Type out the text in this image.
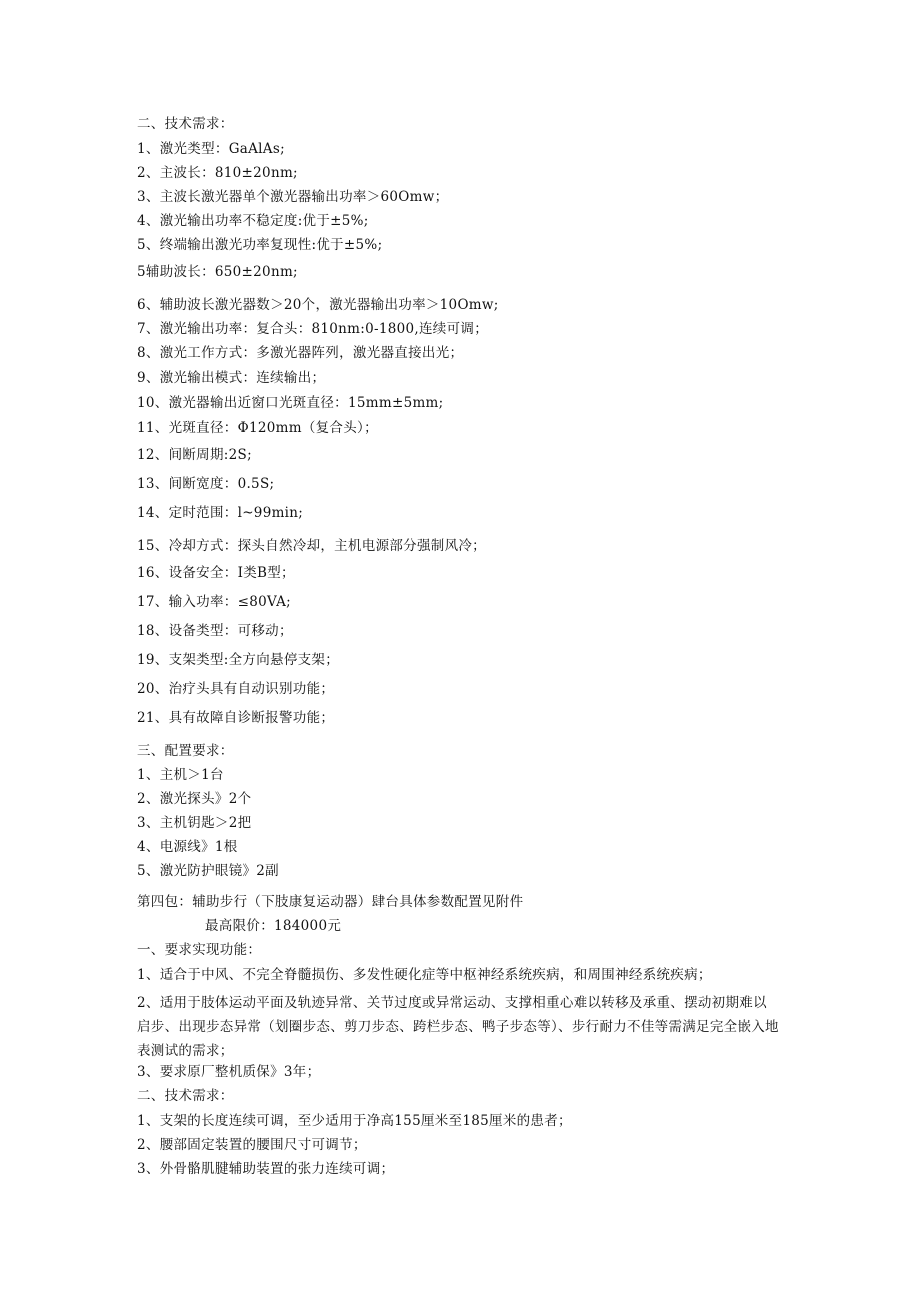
二、技术需求：
1、激光类型：GaAlAs;
2、主波长：810±20nm;
3、主波长激光器单个激光器输出功率＞60Omw；
4、激光输出功率不稳定度:优于±5%;
5、终端输出激光功率复现性:优于±5%;
5辅助波长：650±20nm;
6、辅助波长激光器数＞20个，激光器输出功率＞10Omw;
7、激光输出功率：复合头：810nm:0-1800,连续可调；
8、激光工作方式：多激光器阵列，激光器直接出光；
9、激光输出模式：连续输出；
10、激光器输出近窗口光斑直径：15mm±5mm;
11、光斑直径：Φ120mm（复合头）；
12、间断周期:2S;
13、间断宽度：0.5S;
14、定时范围：l~99min;
15、冷却方式：探头自然冷却，主机电源部分强制风冷；
16、设备安全：I类B型；
17、输入功率：≤80VA;
18、设备类型：可移动；
19、支架类型:全方向悬停支架；
20、治疗头具有自动识别功能；
21、具有故障自诊断报警功能；
三、配置要求：
1、主机＞1台
2、激光探头》2个
3、主机钥匙＞2把
4、电源线》1根
5、激光防护眼镜》2副
第四包：辅助步行（下肢康复运动器）肆台具体参数配置见附件
最高限价：184000元
一、要求实现功能：
1、适合于中风、不完全脊髓损伤、多发性硬化症等中枢神经系统疾病，和周围神经系统疾病；
2、适用于肢体运动平面及轨迹异常、关节过度或异常运动、支撑相重心难以转移及承重、摆动初期难以启步、出现步态异常（划圈步态、剪刀步态、跨栏步态、鸭子步态等）、步行耐力不佳等需满足完全嵌入地表测试的需求；
3、要求原厂整机质保》3年；
二、技术需求：
1、支架的长度连续可调，至少适用于净高155厘米至185厘米的患者；
2、腰部固定装置的腰围尺寸可调节；
3、外骨骼肌腱辅助装置的张力连续可调；
